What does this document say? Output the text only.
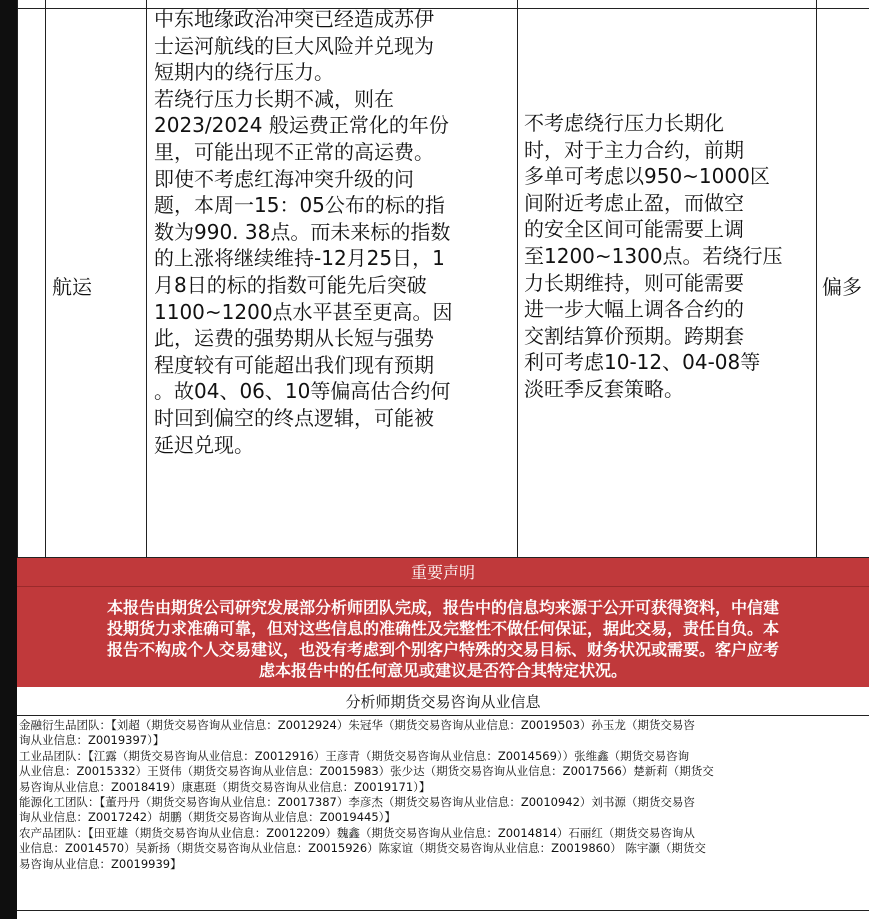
航运
中东地缘政治冲突已经造成苏伊
士运河航线的巨大风险并兑现为
短期内的绕行压力。
若绕行压力长期不减，则在
2023/2024 般运费正常化的年份
里，可能出现不正常的高运费。
即使不考虑红海冲突升级的问
题，本周一15：05公布的标的指
数为990. 38点。而未来标的指数
的上涨将继续维持-12月25日，1
月8日的标的指数可能先后突破
1100~1200点水平甚至更高。因
此，运费的强势期从长短与强势
程度较有可能超出我们现有预期
。故04、06、10等偏高估合约何
时回到偏空的终点逻辑，可能被
延迟兑现。
不考虑绕行压力长期化
时，对于主力合约，前期
多单可考虑以950~1000区
间附近考虑止盈，而做空
的安全区间可能需要上调
至1200~1300点。若绕行压
力长期维持，则可能需要
进一步大幅上调各合约的
交割结算价预期。跨期套
利可考虑10-12、04-08等
淡旺季反套策略。
偏多
重要声明
本报告由期货公司研究发展部分析师团队完成，报告中的信息均来源于公开可获得资料，中信建
投期货力求准确可靠，但对这些信息的准确性及完整性不做任何保证，据此交易，责任自负。本
报告不构成个人交易建议，也没有考虑到个别客户特殊的交易目标、财务状况或需要。客户应考
虑本报告中的任何意见或建议是否符合其特定状况。
分析师期货交易咨询从业信息
金融衍生品团队：【刘超（期货交易咨询从业信息：Z0012924）朱冠华（期货交易咨询从业信息：Z0019503）孙玉龙（期货交易咨
询从业信息：Z0019397）】
工业品团队：【江露（期货交易咨询从业信息：Z0012916）王彦青（期货交易咨询从业信息：Z0014569））张维鑫（期货交易咨询
从业信息：Z0015332）王贤伟（期货交易咨询从业信息：Z0015983）张少达（期货交易咨询从业信息：Z0017566）楚新莉（期货交
易咨询从业信息：Z0018419）康惠珽（期货交易咨询从业信息：Z0019171）】
能源化工团队：【董丹丹（期货交易咨询从业信息：Z0017387）李彦杰（期货交易咨询从业信息：Z0010942）刘书源（期货交易咨
询从业信息：Z0017242）胡鹏（期货交易咨询从业信息：Z0019445）】
农产品团队：【田亚雄（期货交易咨询从业信息：Z0012209）魏鑫（期货交易咨询从业信息：Z0014814）石丽红（期货交易咨询从
业信息：Z0014570）吴新扬（期货交易咨询从业信息：Z0015926）陈家谊（期货交易咨询从业信息：Z0019860） 陈宇灏（期货交
易咨询从业信息：Z0019939】
